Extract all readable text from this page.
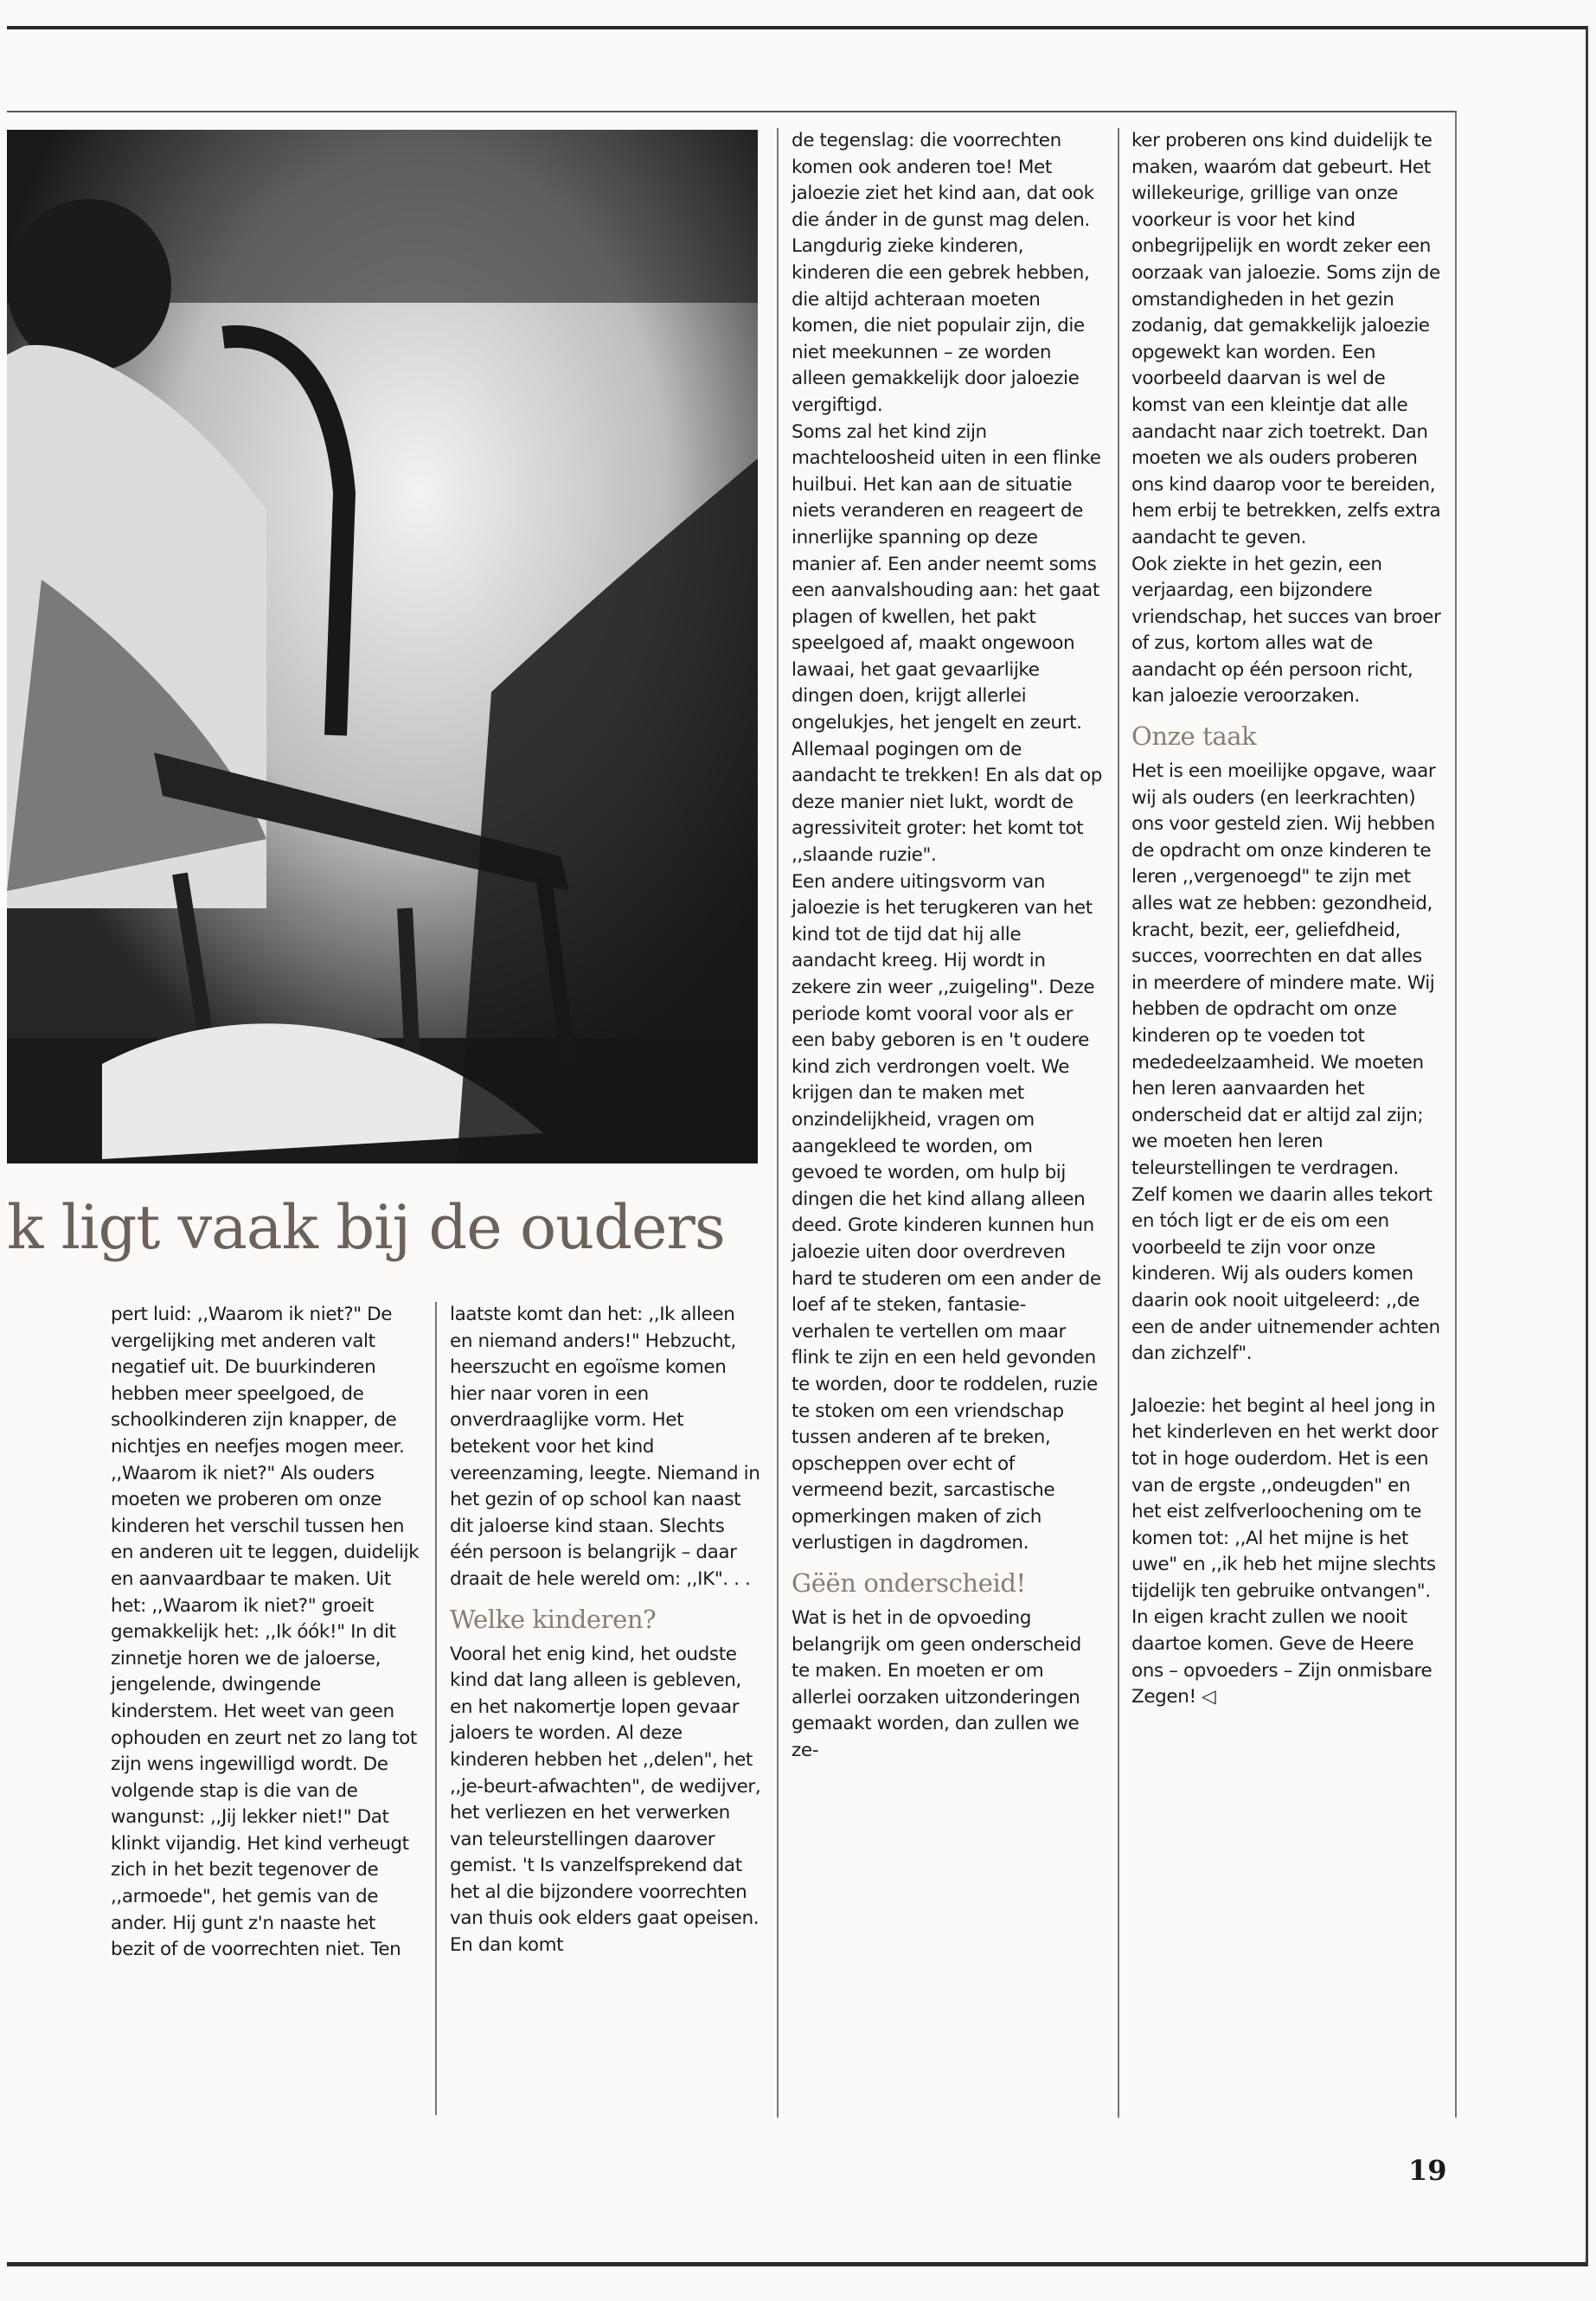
k ligt vaak bij de ouders

pert luid: ,,Waarom ik niet?" De vergelijking met anderen valt negatief uit. De buurkinderen hebben meer speelgoed, de schoolkinderen zijn knapper, de nichtjes en neefjes mogen meer. ,,Waarom ik niet?" Als ouders moeten we proberen om onze kinderen het verschil tussen hen en anderen uit te leggen, duidelijk en aanvaardbaar te maken. Uit het: ,,Waarom ik niet?" groeit gemakkelijk het: ,,Ik óók!" In dit zinnetje horen we de jaloerse, jengelende, dwingende kinderstem. Het weet van geen ophouden en zeurt net zo lang tot zijn wens ingewilligd wordt. De volgende stap is die van de wangunst: ,,Jij lekker niet!" Dat klinkt vijandig. Het kind verheugt zich in het bezit tegenover de ,,armoede", het gemis van de ander. Hij gunt z'n naaste het bezit of de voorrechten niet. Ten

laatste komt dan het: ,,Ik alleen en niemand anders!" Hebzucht, heerszucht en egoïsme komen hier naar voren in een onverdraaglijke vorm. Het betekent voor het kind vereenzaming, leegte. Niemand in het gezin of op school kan naast dit jaloerse kind staan. Slechts één persoon is belangrijk – daar draait de hele wereld om: ,,IK". . .

Welke kinderen?

Vooral het enig kind, het oudste kind dat lang alleen is gebleven, en het nakomertje lopen gevaar jaloers te worden. Al deze kinderen hebben het ,,delen", het ,,je-beurt-afwachten", de wedijver, het verliezen en het verwerken van teleurstellingen daarover gemist. 't Is vanzelfsprekend dat het al die bijzondere voorrechten van thuis ook elders gaat opeisen. En dan komt

de tegenslag: die voorrechten komen ook anderen toe! Met jaloezie ziet het kind aan, dat ook die ánder in de gunst mag delen. Langdurig zieke kinderen, kinderen die een gebrek hebben, die altijd achteraan moeten komen, die niet populair zijn, die niet meekunnen – ze worden alleen gemakkelijk door jaloezie vergiftigd.

Soms zal het kind zijn machteloosheid uiten in een flinke huilbui. Het kan aan de situatie niets veranderen en reageert de innerlijke spanning op deze manier af. Een ander neemt soms een aanvalshouding aan: het gaat plagen of kwellen, het pakt speelgoed af, maakt ongewoon lawaai, het gaat gevaarlijke dingen doen, krijgt allerlei ongelukjes, het jengelt en zeurt. Allemaal pogingen om de aandacht te trekken! En als dat op deze manier niet lukt, wordt de agressiviteit groter: het komt tot ,,slaande ruzie".

Een andere uitingsvorm van jaloezie is het terugkeren van het kind tot de tijd dat hij alle aandacht kreeg. Hij wordt in zekere zin weer ,,zuigeling". Deze periode komt vooral voor als er een baby geboren is en 't oudere kind zich verdrongen voelt. We krijgen dan te maken met onzindelijkheid, vragen om aangekleed te worden, om gevoed te worden, om hulp bij dingen die het kind allang alleen deed. Grote kinderen kunnen hun jaloezie uiten door overdreven hard te studeren om een ander de loef af te steken, fantasie-verhalen te vertellen om maar flink te zijn en een held gevonden te worden, door te roddelen, ruzie te stoken om een vriendschap tussen anderen af te breken, opscheppen over echt of vermeend bezit, sarcastische opmerkingen maken of zich verlustigen in dagdromen.

Gëën onderscheid!

Wat is het in de opvoeding belangrijk om geen onderscheid te maken. En moeten er om allerlei oorzaken uitzonderingen gemaakt worden, dan zullen we ze-

ker proberen ons kind duidelijk te maken, waaróm dat gebeurt. Het willekeurige, grillige van onze voorkeur is voor het kind onbegrijpelijk en wordt zeker een oorzaak van jaloezie. Soms zijn de omstandigheden in het gezin zodanig, dat gemakkelijk jaloezie opgewekt kan worden. Een voorbeeld daarvan is wel de komst van een kleintje dat alle aandacht naar zich toetrekt. Dan moeten we als ouders proberen ons kind daarop voor te bereiden, hem erbij te betrekken, zelfs extra aandacht te geven.

Ook ziekte in het gezin, een verjaardag, een bijzondere vriendschap, het succes van broer of zus, kortom alles wat de aandacht op één persoon richt, kan jaloezie veroorzaken.

Onze taak

Het is een moeilijke opgave, waar wij als ouders (en leerkrachten) ons voor gesteld zien. Wij hebben de opdracht om onze kinderen te leren ,,vergenoegd" te zijn met alles wat ze hebben: gezondheid, kracht, bezit, eer, geliefdheid, succes, voorrechten en dat alles in meerdere of mindere mate. Wij hebben de opdracht om onze kinderen op te voeden tot mededeelzaamheid. We moeten hen leren aanvaarden het onderscheid dat er altijd zal zijn; we moeten hen leren teleurstellingen te verdragen.

Zelf komen we daarin alles tekort en tóch ligt er de eis om een voorbeeld te zijn voor onze kinderen. Wij als ouders komen daarin ook nooit uitgeleerd: ,,de een de ander uitnemender achten dan zichzelf".

Jaloezie: het begint al heel jong in het kinderleven en het werkt door tot in hoge ouderdom. Het is een van de ergste ,,ondeugden" en het eist zelfverloochening om te komen tot: ,,Al het mijne is het uwe" en ,,ik heb het mijne slechts tijdelijk ten gebruike ontvangen".

In eigen kracht zullen we nooit daartoe komen. Geve de Heere ons – opvoeders – Zijn onmisbare Zegen! ◁

19
